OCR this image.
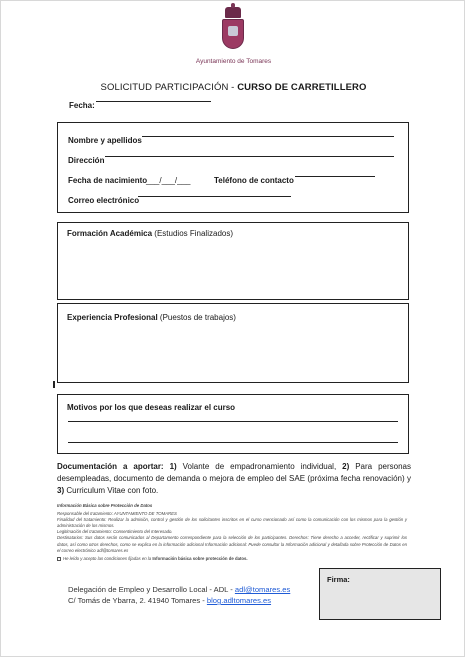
Ayuntamiento de Tomares
SOLICITUD PARTICIPACIÓN - CURSO DE CARRETILLERO
Fecha:
Nombre y apellidos
Dirección
Fecha de nacimiento
___/___/___	Teléfono de contacto
Correo electrónico
Formación Académica (Estudios Finalizados)
Experiencia Profesional (Puestos de trabajos)
Motivos por los que deseas realizar el curso
Documentación a aportar: 1) Volante de empadronamiento individual, 2) Para personas desempleadas, documento de demanda o mejora de empleo del SAE (próxima fecha renovación) y 3) Curriculum Vitae con foto.
Información Básica sobre Protección de Datos
Responsable del tratamiento: AYUNTAMIENTO DE TOMARES
Finalidad del tratamiento: Realizar la admisión, control y gestión de los solicitantes inscritos en el curso mencionado así como la comunicación con los mismos para la gestión y administración de los mismos.
Legitimación del tratamiento: Consentimiento del Interesado.
Destinatarios: Sus datos serán comunicados al Departamento correspondiente para la selección de los participantes. Derechos: Tiene derecho a acceder, rectificar y suprimir los datos, así como otros derechos, como se explica en la información adicional Información adicional: Puede consultar la Información adicional y detallada sobre Protección de Datos en el correo electrónico adl@tomares.es
He leído y acepto las condiciones fijadas en la Información básica sobre protección de datos.
Delegación de Empleo y Desarrollo Local - ADL - adl@tomares.es
C/ Tomás de Ybarra, 2. 41940 Tomares - blog.adltomares.es
Firma:
